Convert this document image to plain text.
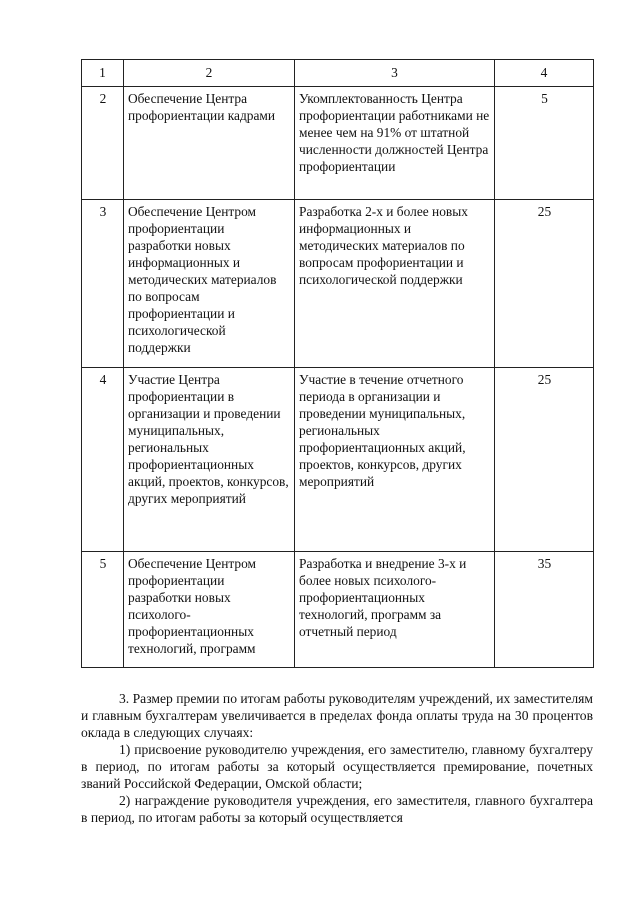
1	2	3	4
2	Обеспечение Центра профориентации кадрами	Укомплектованность Центра профориентации работниками не менее чем на 91% от штатной численности должностей Центра профориентации	5
3	Обеспечение Центром профориентации разработки новых информационных и методических материалов по вопросам профориентации и психологической поддержки	Разработка 2-х и более новых информационных и методических материалов по вопросам профориентации и психологической поддержки	25
4	Участие Центра профориентации в организации и проведении муниципальных, региональных профориентационных акций, проектов, конкурсов, других мероприятий	Участие в течение отчетного периода в организации и проведении муниципальных, региональных профориентационных акций, проектов, конкурсов, других мероприятий	25
5	Обеспечение Центром профориентации разработки новых психолого-профориентационных технологий, программ	Разработка и внедрение 3-х и более новых психолого-профориентационных технологий, программ за отчетный период	35

3. Размер премии по итогам работы руководителям учреждений, их заместителям и главным бухгалтерам увеличивается в пределах фонда оплаты труда на 30 процентов оклада в следующих случаях:

1) присвоение руководителю учреждения, его заместителю, главному бухгалтеру в период, по итогам работы за который осуществляется премирование, почетных званий Российской Федерации, Омской области;

2) награждение руководителя учреждения, его заместителя, главного бухгалтера в период, по итогам работы за который осуществляется
